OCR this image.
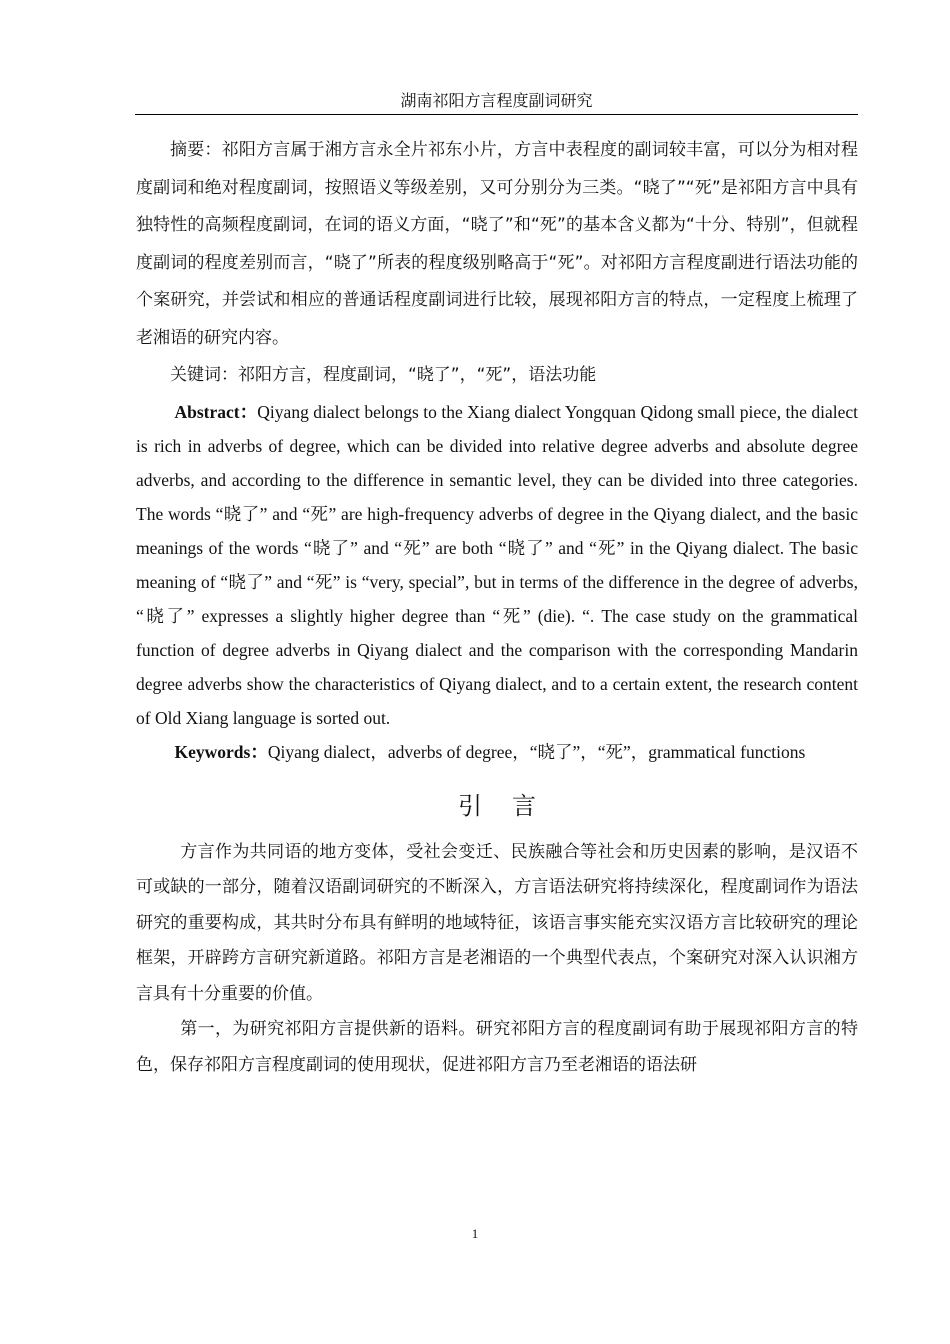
湖南祁阳方言程度副词研究

摘要：祁阳方言属于湘方言永全片祁东小片，方言中表程度的副词较丰富，可以分为相对程度副词和绝对程度副词，按照语义等级差别，又可分别分为三类。“晓了”“死”是祁阳方言中具有独特性的高频程度副词，在词的语义方面，“晓了”和“死”的基本含义都为“十分、特别”，但就程度副词的程度差别而言，“晓了”所表的程度级别略高于“死”。对祁阳方言程度副进行语法功能的个案研究，并尝试和相应的普通话程度副词进行比较，展现祁阳方言的特点，一定程度上梳理了老湘语的研究内容。

关键词：祁阳方言，程度副词，“晓了”，“死”，语法功能

Abstract：Qiyang dialect belongs to the Xiang dialect Yongquan Qidong small piece, the dialect is rich in adverbs of degree, which can be divided into relative degree adverbs and absolute degree adverbs, and according to the difference in semantic level, they can be divided into three categories. The words “晓了” and “死” are high-frequency adverbs of degree in the Qiyang dialect, and the basic meanings of the words “晓了” and “死” are both “晓了” and “死” in the Qiyang dialect. The basic meaning of “晓了” and “死” is “very, special”, but in terms of the difference in the degree of adverbs, “晓了” expresses a slightly higher degree than “死” (die). “. The case study on the grammatical function of degree adverbs in Qiyang dialect and the comparison with the corresponding Mandarin degree adverbs show the characteristics of Qiyang dialect, and to a certain extent, the research content of Old Xiang language is sorted out.

Keywords：Qiyang dialect，adverbs of degree，“晓了”，“死”，grammatical functions

引言

方言作为共同语的地方变体，受社会变迁、民族融合等社会和历史因素的影响，是汉语不可或缺的一部分，随着汉语副词研究的不断深入，方言语法研究将持续深化，程度副词作为语法研究的重要构成，其共时分布具有鲜明的地域特征，该语言事实能充实汉语方言比较研究的理论框架，开辟跨方言研究新道路。祁阳方言是老湘语的一个典型代表点，个案研究对深入认识湘方言具有十分重要的价值。

第一，为研究祁阳方言提供新的语料。研究祁阳方言的程度副词有助于展现祁阳方言的特色，保存祁阳方言程度副词的使用现状，促进祁阳方言乃至老湘语的语法研

1
